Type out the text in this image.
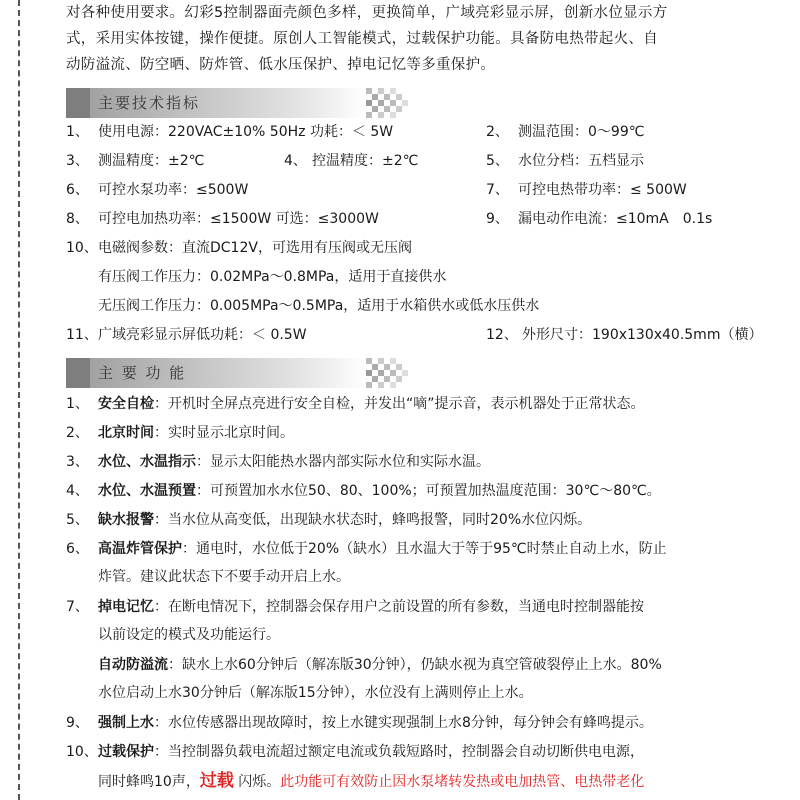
对各种使用要求。幻彩5控制器面壳颜色多样，更换简单，广域亮彩显示屏，创新水位显示方
式，采用实体按键，操作便捷。原创人工智能模式，过载保护功能。具备防电热带起火、自
动防溢流、防空晒、防炸管、低水压保护、掉电记忆等多重保护。
主要技术指标
1、 使用电源：220VAC±10% 50Hz 功耗：＜ 5W	2、 测温范围：0～99℃
3、 测温精度：±2℃	4、 控温精度：±2℃	5、 水位分档：五档显示
6、 可控水泵功率：≤500W	7、 可控电热带功率：≤ 500W
8、 可控电加热功率：≤1500W 可选：≤3000W	9、 漏电动作电流：≤10mA　0.1s
10、 电磁阀参数：直流DC12V，可选用有压阀或无压阀
有压阀工作压力：0.02MPa～0.8MPa，适用于直接供水
无压阀工作压力：0.005MPa～0.5MPa，适用于水箱供水或低水压供水
11、 广域亮彩显示屏低功耗：＜ 0.5W	12、 外形尺寸：190x130x40.5mm（横）
主 要 功 能
1、 安全自检：开机时全屏点亮进行安全自检，并发出“嘀”提示音，表示机器处于正常状态。
2、 北京时间：实时显示北京时间。
3、 水位、水温指示：显示太阳能热水器内部实际水位和实际水温。
4、 水位、水温预置：可预置加水水位50、80、100%；可预置加热温度范围：30℃～80℃。
5、 缺水报警：当水位从高变低，出现缺水状态时，蜂鸣报警，同时20%水位闪烁。
6、 高温炸管保护：通电时，水位低于20%（缺水）且水温大于等于95℃时禁止自动上水，防止
炸管。建议此状态下不要手动开启上水。
7、 掉电记忆：在断电情况下，控制器会保存用户之前设置的所有参数，当通电时控制器能按
以前设定的模式及功能运行。
自动防溢流：缺水上水60分钟后（解冻版30分钟），仍缺水视为真空管破裂停止上水。80%
水位启动上水30分钟后（解冻版15分钟），水位没有上满则停止上水。
9、 强制上水：水位传感器出现故障时，按上水键实现强制上水8分钟，每分钟会有蜂鸣提示。
10、 过载保护：当控制器负载电流超过额定电流或负载短路时，控制器会自动切断供电电源，
同时蜂鸣10声，过载 闪烁。此功能可有效防止因水泵堵转发热或电加热管、电热带老化
